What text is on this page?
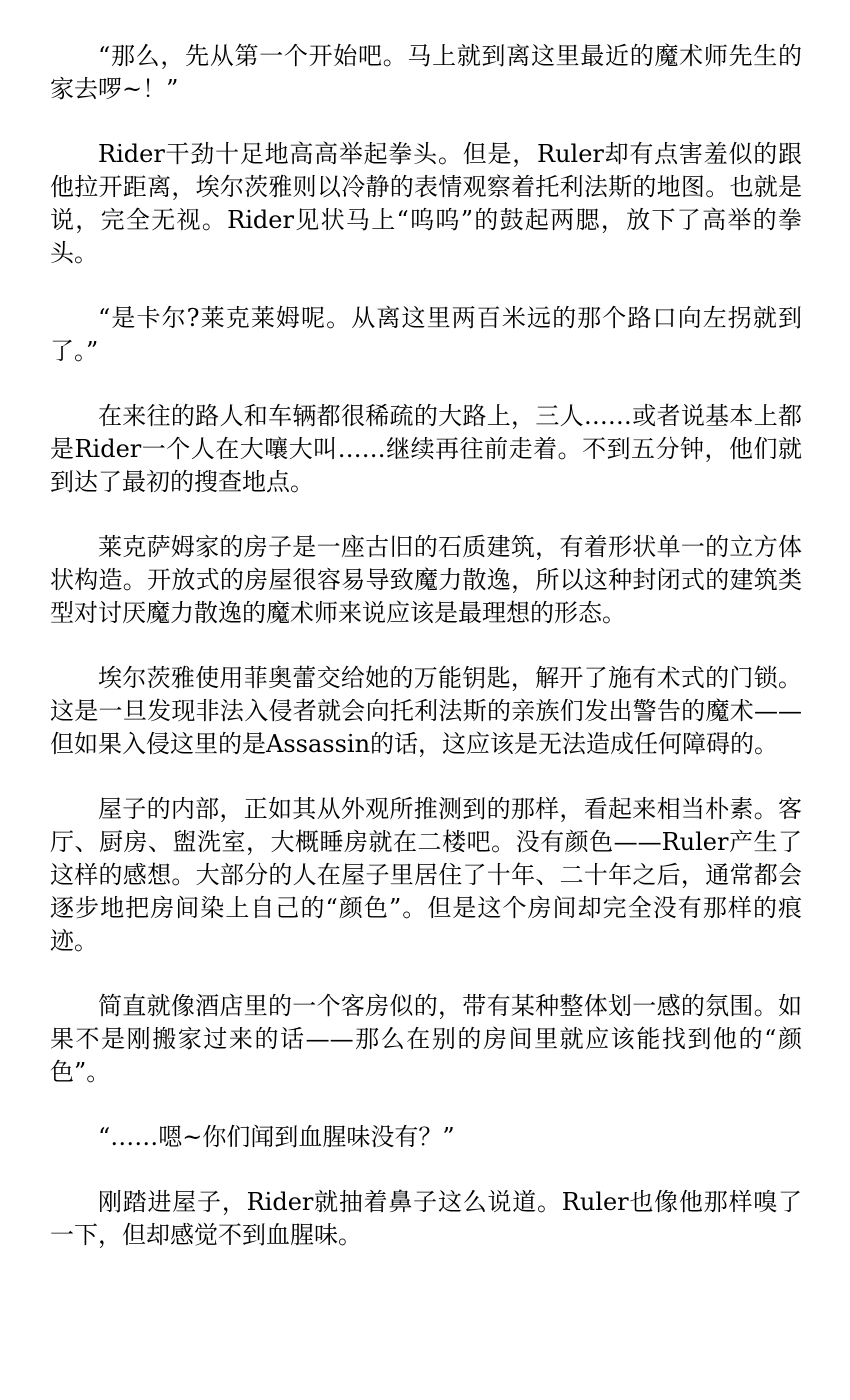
“那么，先从第一个开始吧。马上就到离这里最近的魔术师先生的家去啰~！”

Rider干劲十足地高高举起拳头。但是，Ruler却有点害羞似的跟他拉开距离，埃尔茨雅则以冷静的表情观察着托利法斯的地图。也就是说，完全无视。Rider见状马上“呜呜”的鼓起两腮，放下了高举的拳头。

“是卡尔?莱克莱姆呢。从离这里两百米远的那个路口向左拐就到了。”

在来往的路人和车辆都很稀疏的大路上，三人……或者说基本上都是Rider一个人在大嚷大叫……继续再往前走着。不到五分钟，他们就到达了最初的搜查地点。

莱克萨姆家的房子是一座古旧的石质建筑，有着形状单一的立方体状构造。开放式的房屋很容易导致魔力散逸，所以这种封闭式的建筑类型对讨厌魔力散逸的魔术师来说应该是最理想的形态。

埃尔茨雅使用菲奥蕾交给她的万能钥匙，解开了施有术式的门锁。这是一旦发现非法入侵者就会向托利法斯的亲族们发出警告的魔术——但如果入侵这里的是Assassin的话，这应该是无法造成任何障碍的。

屋子的内部，正如其从外观所推测到的那样，看起来相当朴素。客厅、厨房、盥洗室，大概睡房就在二楼吧。没有颜色——Ruler产生了这样的感想。大部分的人在屋子里居住了十年、二十年之后，通常都会逐步地把房间染上自己的“颜色”。但是这个房间却完全没有那样的痕迹。

简直就像酒店里的一个客房似的，带有某种整体划一感的氛围。如果不是刚搬家过来的话——那么在别的房间里就应该能找到他的“颜色”。

“……嗯~你们闻到血腥味没有？”

刚踏进屋子，Rider就抽着鼻子这么说道。Ruler也像他那样嗅了一下，但却感觉不到血腥味。
